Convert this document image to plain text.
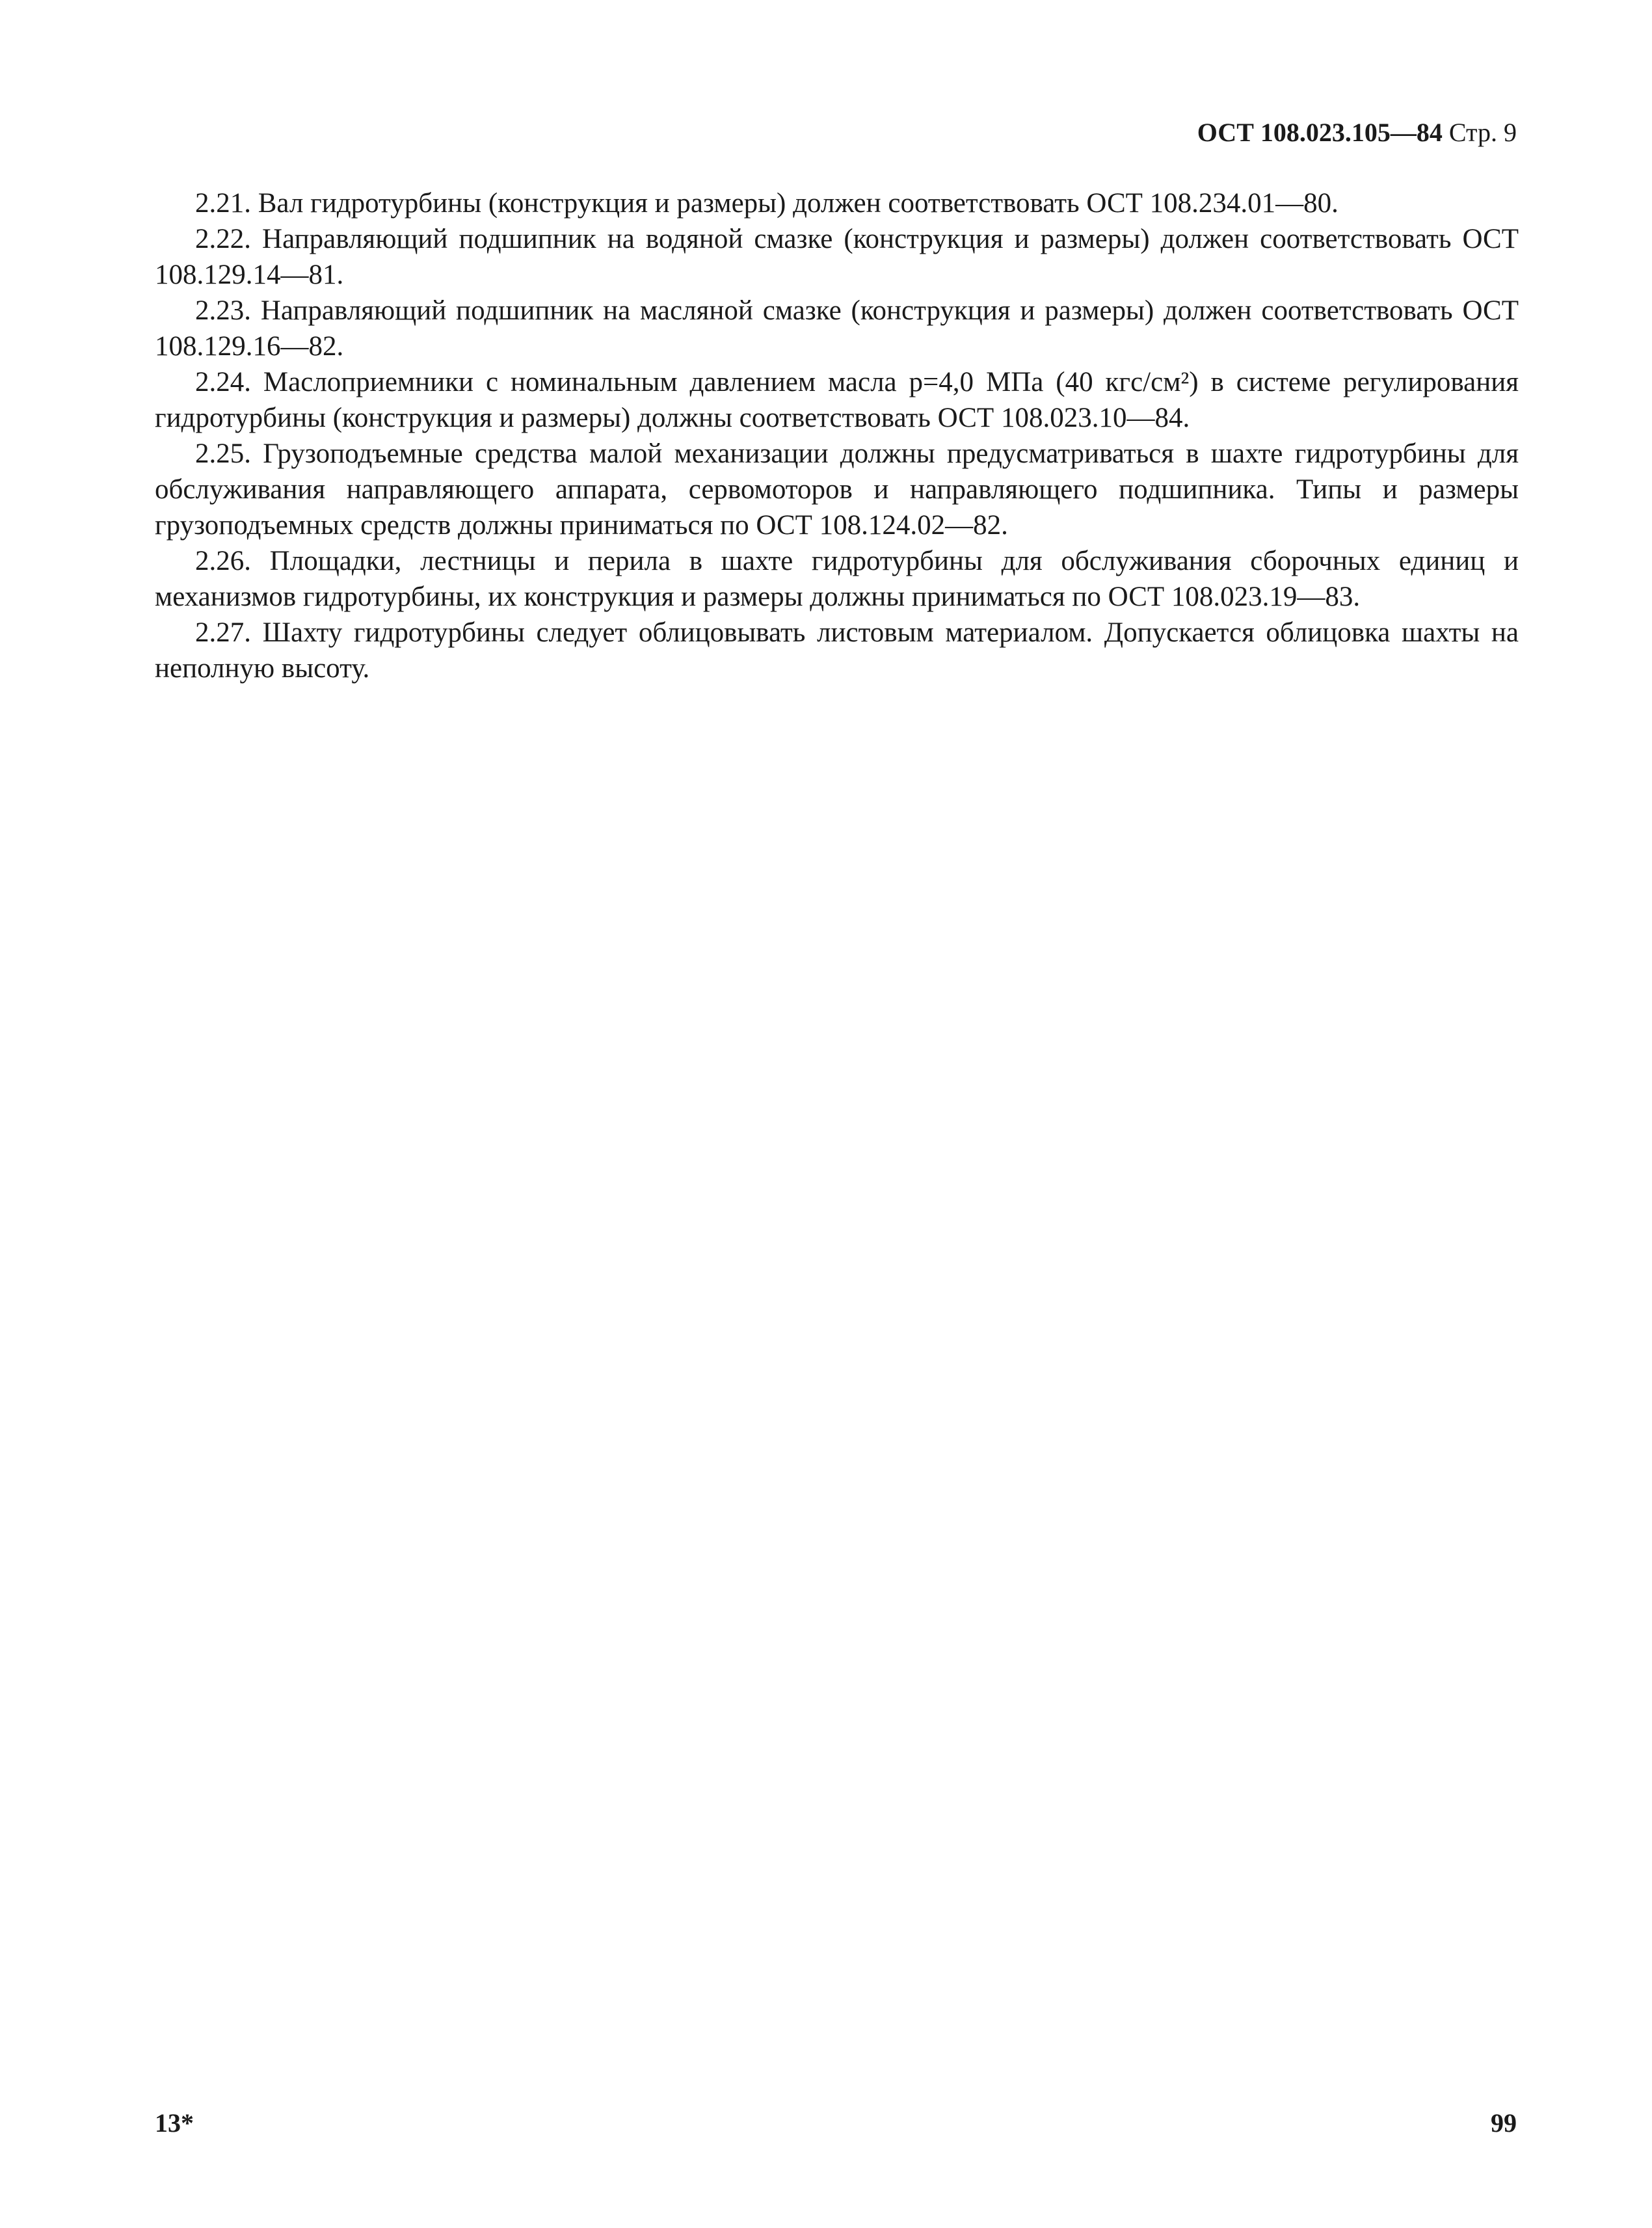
ОСТ 108.023.105—84 Стр. 9

2.21. Вал гидротурбины (конструкция и размеры) должен соответствовать ОСТ 108.234.01—80.

2.22. Направляющий подшипник на водяной смазке (конструкция и размеры) должен соответствовать ОСТ 108.129.14—81.

2.23. Направляющий подшипник на масляной смазке (конструкция и размеры) должен соответствовать ОСТ 108.129.16—82.

2.24. Маслоприемники с номинальным давлением масла p=4,0 МПа (40 кгс/см²) в системе регулирования гидротурбины (конструкция и размеры) должны соответствовать ОСТ 108.023.10—84.

2.25. Грузоподъемные средства малой механизации должны предусматриваться в шахте гидротурбины для обслуживания направляющего аппарата, сервомоторов и направляющего подшипника. Типы и размеры грузоподъемных средств должны приниматься по ОСТ 108.124.02—82.

2.26. Площадки, лестницы и перила в шахте гидротурбины для обслуживания сборочных единиц и механизмов гидротурбины, их конструкция и размеры должны приниматься по ОСТ 108.023.19—83.

2.27. Шахту гидротурбины следует облицовывать листовым материалом. Допускается облицовка шахты на неполную высоту.

13*	99
